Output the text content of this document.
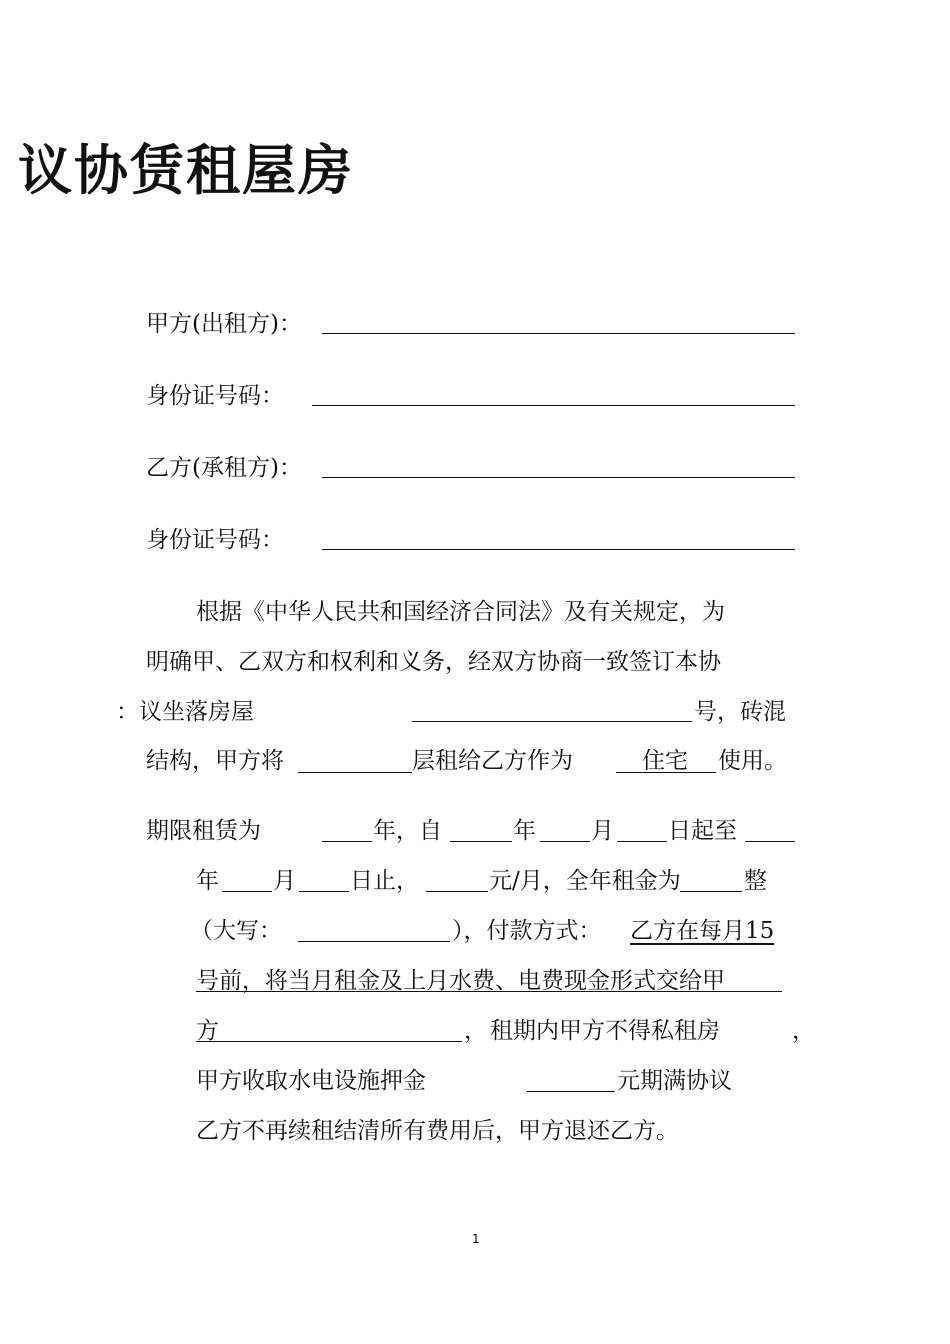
议协赁租屋房
甲方(出租方)：
身份证号码：
乙方(承租方)：
身份证号码：
根据《中华人民共和国经济合同法》及有关规定，为
明确甲、乙双方和权利和义务，经双方协商一致签订本协
：议坐落房屋	号，砖混
结构，甲方将	层租给乙方作为	住宅 使用。
期限租赁为	年，自	年 月 日起至
年 月 日止，	元/月，全年租金为	整
（大写：	），付款方式： 乙方在每月15
号前，将当月租金及上月水费、电费现金形式交给甲
方	， 租期内甲方不得私租房	，
甲方收取水电设施押金	元期满协议
乙方不再续租结清所有费用后，甲方退还乙方。
1
